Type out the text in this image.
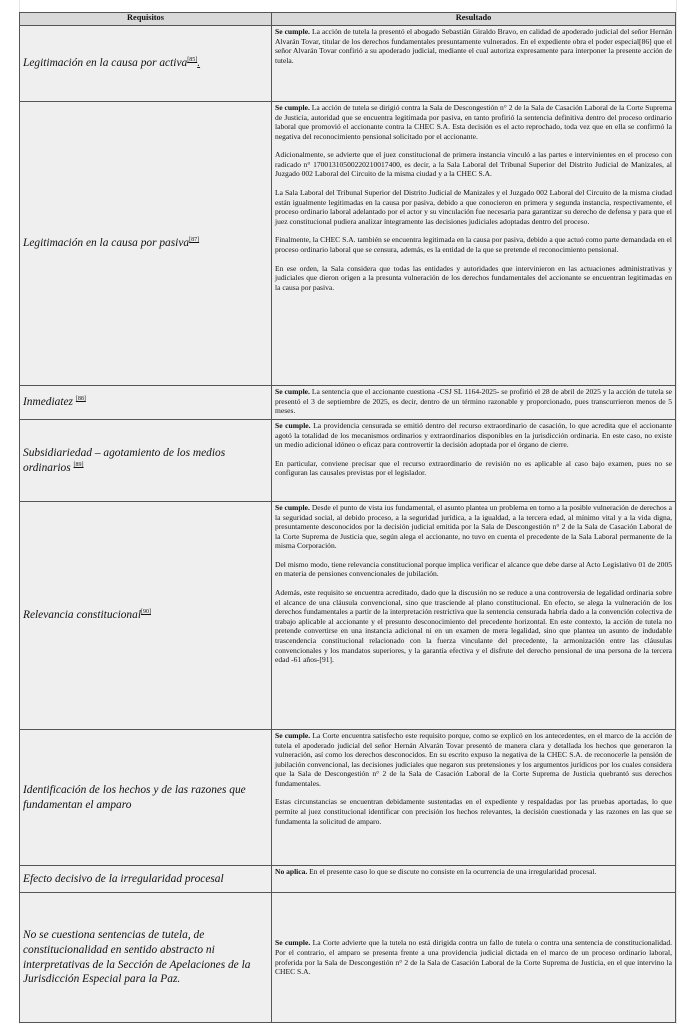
Requisitos	Resultado
Legitimación en la causa por activa[85].	Se cumple. La acción de tutela la presentó el abogado Sebastián Giraldo Bravo, en calidad de apoderado judicial del señor Hernán Alvarán Tovar, titular de los derechos fundamentales presuntamente vulnerados. En el expediente obra el poder especial[86] que el señor Alvarán Tovar confirió a su apoderado judicial, mediante el cual autoriza expresamente para interponer la presente acción de tutela.

Legitimación en la causa por pasiva[87]	Se cumple. La acción de tutela se dirigió contra la Sala de Descongestión n° 2 de la Sala de Casación Laboral de la Corte Suprema de Justicia, autoridad que se encuentra legitimada por pasiva, en tanto profirió la sentencia definitiva dentro del proceso ordinario laboral que promovió el accionante contra la CHEC S.A. Esta decisión es el acto reprochado, toda vez que en ella se confirmó la negativa del reconocimiento pensional solicitado por el accionante.

Adicionalmente, se advierte que el juez constitucional de primera instancia vinculó a las partes e intervinientes en el proceso con radicado n° 17001310500220210017400, es decir, a la Sala Laboral del Tribunal Superior del Distrito Judicial de Manizales, al Juzgado 002 Laboral del Circuito de la misma ciudad y a la CHEC S.A.

La Sala Laboral del Tribunal Superior del Distrito Judicial de Manizales y el Juzgado 002 Laboral del Circuito de la misma ciudad están igualmente legitimadas en la causa por pasiva, debido a que conocieron en primera y segunda instancia, respectivamente, el proceso ordinario laboral adelantado por el actor y su vinculación fue necesaria para garantizar su derecho de defensa y para que el juez constitucional pudiera analizar íntegramente las decisiones judiciales adoptadas dentro del proceso.

Finalmente, la CHEC S.A. también se encuentra legitimada en la causa por pasiva, debido a que actuó como parte demandada en el proceso ordinario laboral que se censura, además, es la entidad de la que se pretende el reconocimiento pensional.

En ese orden, la Sala considera que todas las entidades y autoridades que intervinieron en las actuaciones administrativas y judiciales que dieron origen a la presunta vulneración de los derechos fundamentales del accionante se encuentran legitimadas en la causa por pasiva.

Inmediatez [88]	Se cumple. La sentencia que el accionante cuestiona -CSJ SL 1164-2025- se profirió el 28 de abril de 2025 y la acción de tutela se presentó el 3 de septiembre de 2025, es decir, dentro de un término razonable y proporcionado, pues transcurrieron menos de 5 meses.

Subsidiariedad – agotamiento de los medios ordinarios [89]	Se cumple. La providencia censurada se emitió dentro del recurso extraordinario de casación, lo que acredita que el accionante agotó la totalidad de los mecanismos ordinarios y extraordinarios disponibles en la jurisdicción ordinaria. En este caso, no existe un medio adicional idóneo o eficaz para controvertir la decisión adoptada por el órgano de cierre.

En particular, conviene precisar que el recurso extraordinario de revisión no es aplicable al caso bajo examen, pues no se configuran las causales previstas por el legislador.

Relevancia constitucional[90]	Se cumple. Desde el punto de vista ius fundamental, el asunto plantea un problema en torno a la posible vulneración de derechos a la seguridad social, al debido proceso, a la seguridad jurídica, a la igualdad, a la tercera edad, al mínimo vital y a la vida digna, presuntamente desconocidos por la decisión judicial emitida por la Sala de Descongestión n° 2 de la Sala de Casación Laboral de la Corte Suprema de Justicia que, según alega el accionante, no tuvo en cuenta el precedente de la Sala Laboral permanente de la misma Corporación.

Del mismo modo, tiene relevancia constitucional porque implica verificar el alcance que debe darse al Acto Legislativo 01 de 2005 en materia de pensiones convencionales de jubilación.

Además, este requisito se encuentra acreditado, dado que la discusión no se reduce a una controversia de legalidad ordinaria sobre el alcance de una cláusula convencional, sino que trasciende al plano constitucional. En efecto, se alega la vulneración de los derechos fundamentales a partir de la interpretación restrictiva que la sentencia censurada habría dado a la convención colectiva de trabajo aplicable al accionante y el presunto desconocimiento del precedente horizontal. En este contexto, la acción de tutela no pretende convertirse en una instancia adicional ni en un examen de mera legalidad, sino que plantea un asunto de indudable trascendencia constitucional relacionado con la fuerza vinculante del precedente, la armonización entre las cláusulas convencionales y los mandatos superiores, y la garantía efectiva y el disfrute del derecho pensional de una persona de la tercera edad -61 años-[91].

Identificación de los hechos y de las razones que fundamentan el amparo	Se cumple. La Corte encuentra satisfecho este requisito porque, como se explicó en los antecedentes, en el marco de la acción de tutela el apoderado judicial del señor Hernán Alvarán Tovar presentó de manera clara y detallada los hechos que generaron la vulneración, así como los derechos desconocidos. En su escrito expuso la negativa de la CHEC S.A. de reconocerle la pensión de jubilación convencional, las decisiones judiciales que negaron sus pretensiones y los argumentos jurídicos por los cuales considera que la Sala de Descongestión n° 2 de la Sala de Casación Laboral de la Corte Suprema de Justicia quebrantó sus derechos fundamentales.

Estas circunstancias se encuentran debidamente sustentadas en el expediente y respaldadas por las pruebas aportadas, lo que permite al juez constitucional identificar con precisión los hechos relevantes, la decisión cuestionada y las razones en las que se fundamenta la solicitud de amparo.

Efecto decisivo de la irregularidad procesal	No aplica. En el presente caso lo que se discute no consiste en la ocurrencia de una irregularidad procesal.

No se cuestiona sentencias de tutela, de constitucionalidad en sentido abstracto ni interpretativas de la Sección de Apelaciones de la Jurisdicción Especial para la Paz.	Se cumple. La Corte advierte que la tutela no está dirigida contra un fallo de tutela o contra una sentencia de constitucionalidad. Por el contrario, el amparo se presenta frente a una providencia judicial dictada en el marco de un proceso ordinario laboral, proferida por la Sala de Descongestión n° 2 de la Sala de Casación Laboral de la Corte Suprema de Justicia, en el que intervino la CHEC S.A.
